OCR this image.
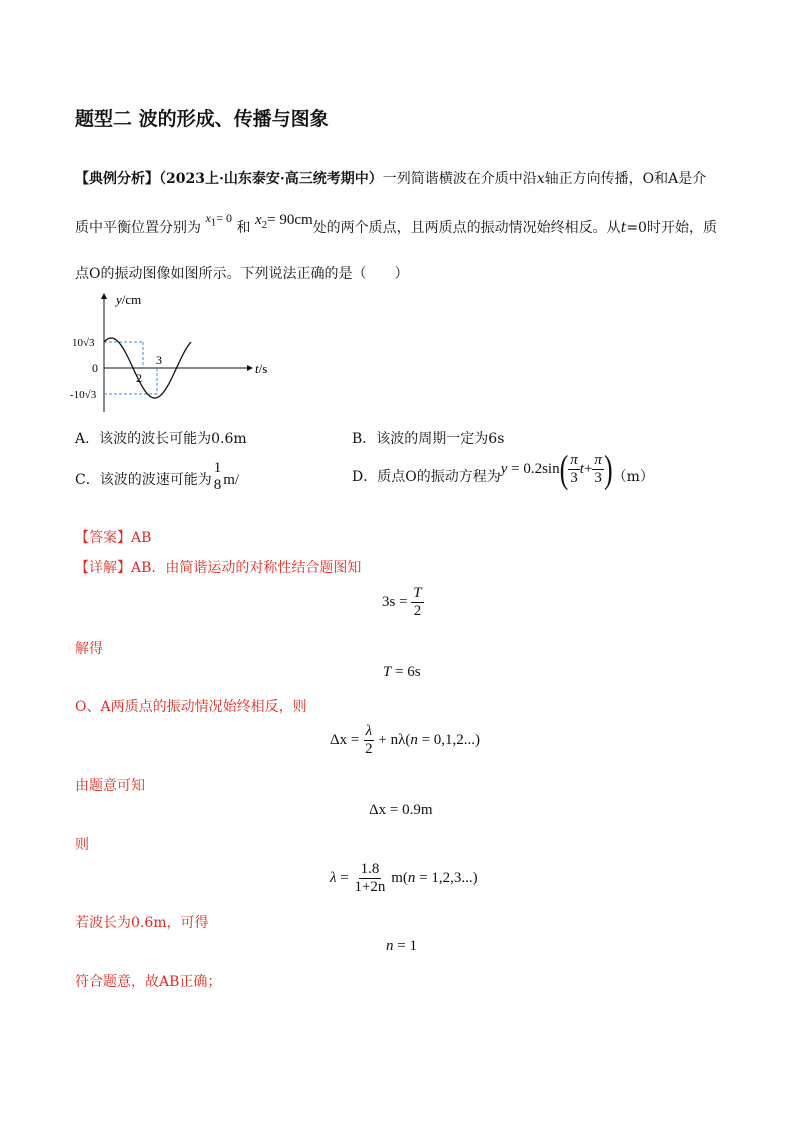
题型二 波的形成、传播与图象
【典例分析】（2023上·山东泰安·高三统考期中）一列简谐横波在介质中沿x轴正方向传播，O和A是介
质中平衡位置分别为 $x_1= 0$ 和 $x_2= 90cm$处的两个质点，且两质点的振动情况始终相反。从t=0时开始，质
点O的振动图像如图所示。下列说法正确的是（　　）
y/cm
t/s
10√3
-10√3
0
2
3
A．该波的波长可能为0.6m	B．该波的周期一定为6s
C．该波的波速可能为
1
8 m/	D．质点O的振动方程为$y = 0.2\sin( \frac{\pi}{3} t+ \frac{\pi}{3} )(m)$
【答案】AB
【详解】AB．由简谐运动的对称性结合题图知
$3s = \frac{T}{2}$
解得
T = 6s
O、A两质点的振动情况始终相反，则
$\Delta x = \frac{\lambda}{2} + n\lambda(n = 0,1,2...)$
由题意可知
Δx = 0.9m
则
$\lambda = \frac{1.8}{1+2n} m(n = 1,2,3...)$
若波长为0.6m，可得
n = 1
符合题意，故AB正确；
